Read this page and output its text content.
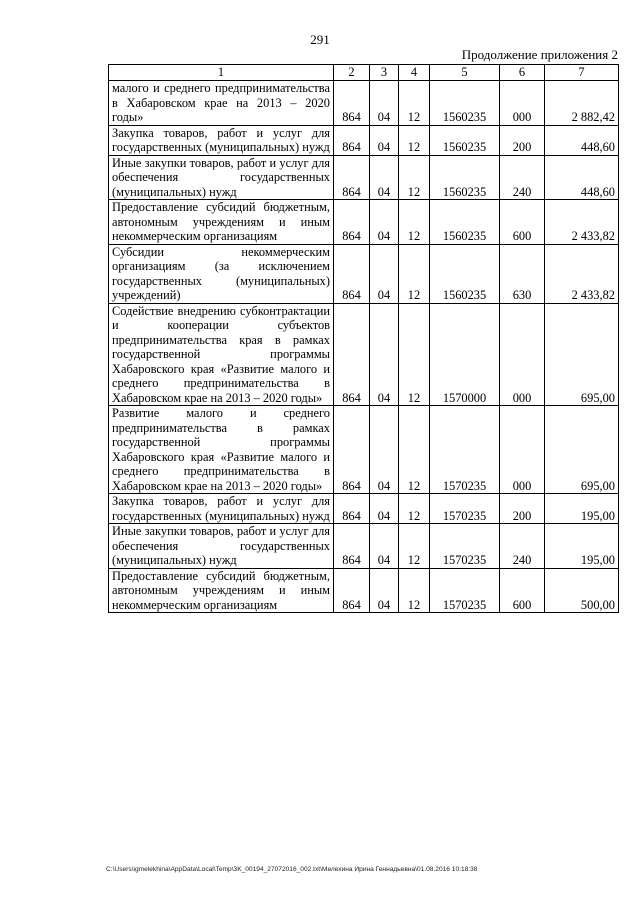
291
Продолжение приложения 2
1	2	3	4	5	6	7
малого и среднего предпринимательства в Хабаровском крае на 2013 – 2020 годы»	864	04	12	1560235	000	2 882,42
Закупка товаров, работ и услуг для государственных (муниципальных) нужд	864	04	12	1560235	200	448,60
Иные закупки товаров, работ и услуг для обеспечения государственных (муниципальных) нужд	864	04	12	1560235	240	448,60
Предоставление субсидий бюджетным, автономным учреждениям и иным некоммерческим организациям	864	04	12	1560235	600	2 433,82
Субсидии некоммерческим организациям (за исключением государственных (муниципальных) учреждений)	864	04	12	1560235	630	2 433,82
Содействие внедрению субконтрактации и кооперации субъектов предпринимательства края в рамках государственной программы Хабаровского края «Развитие малого и среднего предпринимательства в Хабаровском крае на 2013 – 2020 годы»	864	04	12	1570000	000	695,00
Развитие малого и среднего предпринимательства в рамках государственной программы Хабаровского края «Развитие малого и среднего предпринимательства в Хабаровском крае на 2013 – 2020 годы»	864	04	12	1570235	000	695,00
Закупка товаров, работ и услуг для государственных (муниципальных) нужд	864	04	12	1570235	200	195,00
Иные закупки товаров, работ и услуг для обеспечения государственных (муниципальных) нужд	864	04	12	1570235	240	195,00
Предоставление субсидий бюджетным, автономным учреждениям и иным некоммерческим организациям	864	04	12	1570235	600	500,00
C:\Users\igmelekhina\AppData\Local\Temp\3K_00194_27072016_002.txt\Мелехина Ирина Геннадьевна\01.08.2016 10:18:38
